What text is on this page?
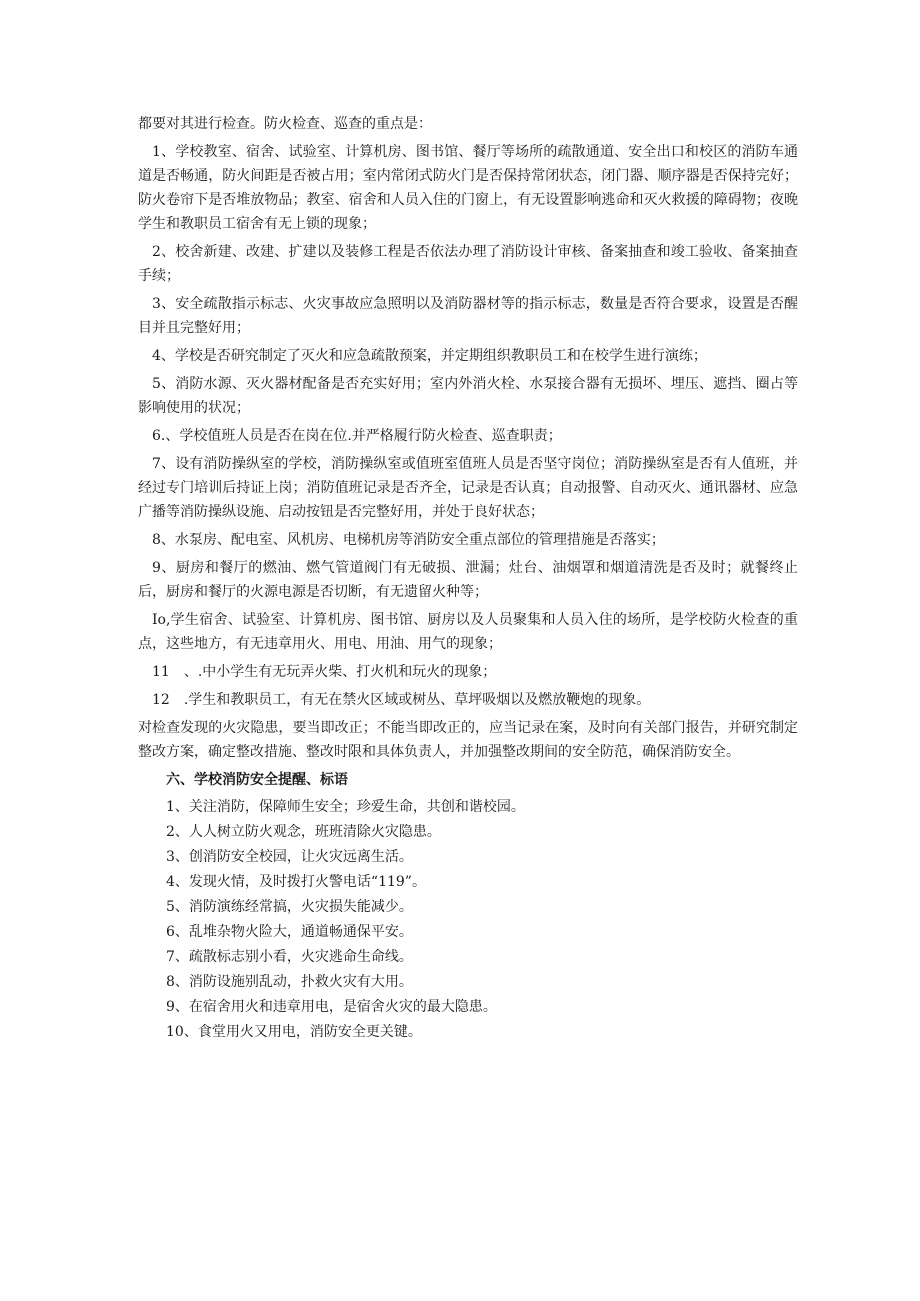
都要对其进行检查。防火检查、巡查的重点是：

1、学校教室、宿舍、试验室、计算机房、图书馆、餐厅等场所的疏散通道、安全出口和校区的消防车通道是否畅通，防火间距是否被占用；室内常闭式防火门是否保持常闭状态，闭门器、顺序器是否保持完好；防火卷帘下是否堆放物品；教室、宿舍和人员入住的门窗上，有无设置影响逃命和灭火救援的障碍物；夜晚学生和教职员工宿舍有无上锁的现象；

2、校舍新建、改建、扩建以及装修工程是否依法办理了消防设计审核、备案抽查和竣工验收、备案抽查手续；

3、安全疏散指示标志、火灾事故应急照明以及消防器材等的指示标志，数量是否符合要求，设置是否醒目并且完整好用；

4、学校是否研究制定了灭火和应急疏散预案，并定期组织教职员工和在校学生进行演练；

5、消防水源、灭火器材配备是否充实好用；室内外消火栓、水泵接合器有无损坏、埋压、遮挡、圈占等影响使用的状况；

6.、学校值班人员是否在岗在位.并严格履行防火检查、巡查职责；

7、设有消防操纵室的学校，消防操纵室或值班室值班人员是否坚守岗位；消防操纵室是否有人值班，并经过专门培训后持证上岗；消防值班记录是否齐全，记录是否认真；自动报警、自动灭火、通讯器材、应急广播等消防操纵设施、启动按钮是否完整好用，并处于良好状态；

8、水泵房、配电室、风机房、电梯机房等消防安全重点部位的管理措施是否落实；

9、厨房和餐厅的燃油、燃气管道阀门有无破损、泄漏；灶台、油烟罩和烟道清洗是否及时；就餐终止后，厨房和餐厅的火源电源是否切断，有无遗留火种等；

Io,学生宿舍、试验室、计算机房、图书馆、厨房以及人员聚集和人员入住的场所，是学校防火检查的重点，这些地方，有无违章用火、用电、用油、用气的现象；

11　、.中小学生有无玩弄火柴、打火机和玩火的现象；

12　.学生和教职员工，有无在禁火区域或树丛、草坪吸烟以及燃放鞭炮的现象。

对检查发现的火灾隐患，要当即改正；不能当即改正的，应当记录在案，及时向有关部门报告，并研究制定整改方案，确定整改措施、整改时限和具体负责人，并加强整改期间的安全防范，确保消防安全。

六、学校消防安全提醒、标语
1、关注消防，保障师生安全；珍爱生命，共创和谐校园。
2、人人树立防火观念，班班清除火灾隐患。
3、创消防安全校园，让火灾远离生活。
4、发现火情，及时拨打火警电话“119”。
5、消防演练经常搞，火灾损失能减少。
6、乱堆杂物火险大，通道畅通保平安。
7、疏散标志别小看，火灾逃命生命线。
8、消防设施别乱动，扑救火灾有大用。
9、在宿舍用火和违章用电，是宿舍火灾的最大隐患。
10、食堂用火又用电，消防安全更关键。
